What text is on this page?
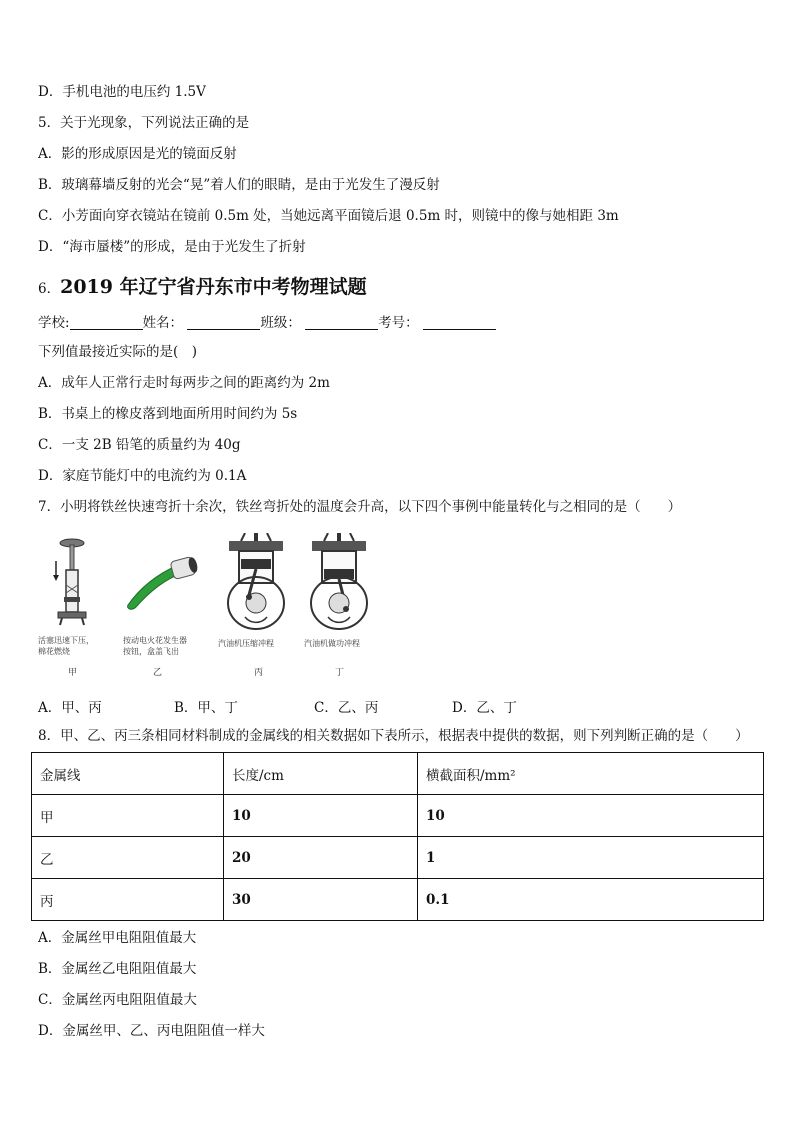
D．手机电池的电压约 1.5V
5．关于光现象，下列说法正确的是
A．影的形成原因是光的镜面反射
B．玻璃幕墙反射的光会“晃”着人们的眼睛，是由于光发生了漫反射
C．小芳面向穿衣镜站在镜前 0.5m 处，当她远离平面镜后退 0.5m 时，则镜中的像与她相距 3m
D．“海市蜃楼”的形成，是由于光发生了折射
6．2019 年辽宁省丹东市中考物理试题
学校:	姓名：	班级：	考号：
下列值最接近实际的是(　)
A．成年人正常行走时每两步之间的距离约为 2m
B．书桌上的橡皮落到地面所用时间约为 5s
C．一支 2B 铅笔的质量约为 40g
D．家庭节能灯中的电流约为 0.1A
7．小明将铁丝快速弯折十余次，铁丝弯折处的温度会升高，以下四个事例中能量转化与之相同的是（　　）
活塞迅速下压，
棉花燃烧
甲
按动电火花发生器
按钮，盒盖飞出
乙
汽油机压缩冲程
丙
汽油机做功冲程
丁
A．甲、丙	B．甲、丁	C．乙、丙	D．乙、丁
8．甲、乙、丙三条相同材料制成的金属线的相关数据如下表所示，根据表中提供的数据，则下列判断正确的是（　　）
金属线	长度/cm	横截面积/mm²
甲	10	10
乙	20	1
丙	30	0.1
A．金属丝甲电阻阻值最大
B．金属丝乙电阻阻值最大
C．金属丝丙电阻阻值最大
D．金属丝甲、乙、丙电阻阻值一样大
